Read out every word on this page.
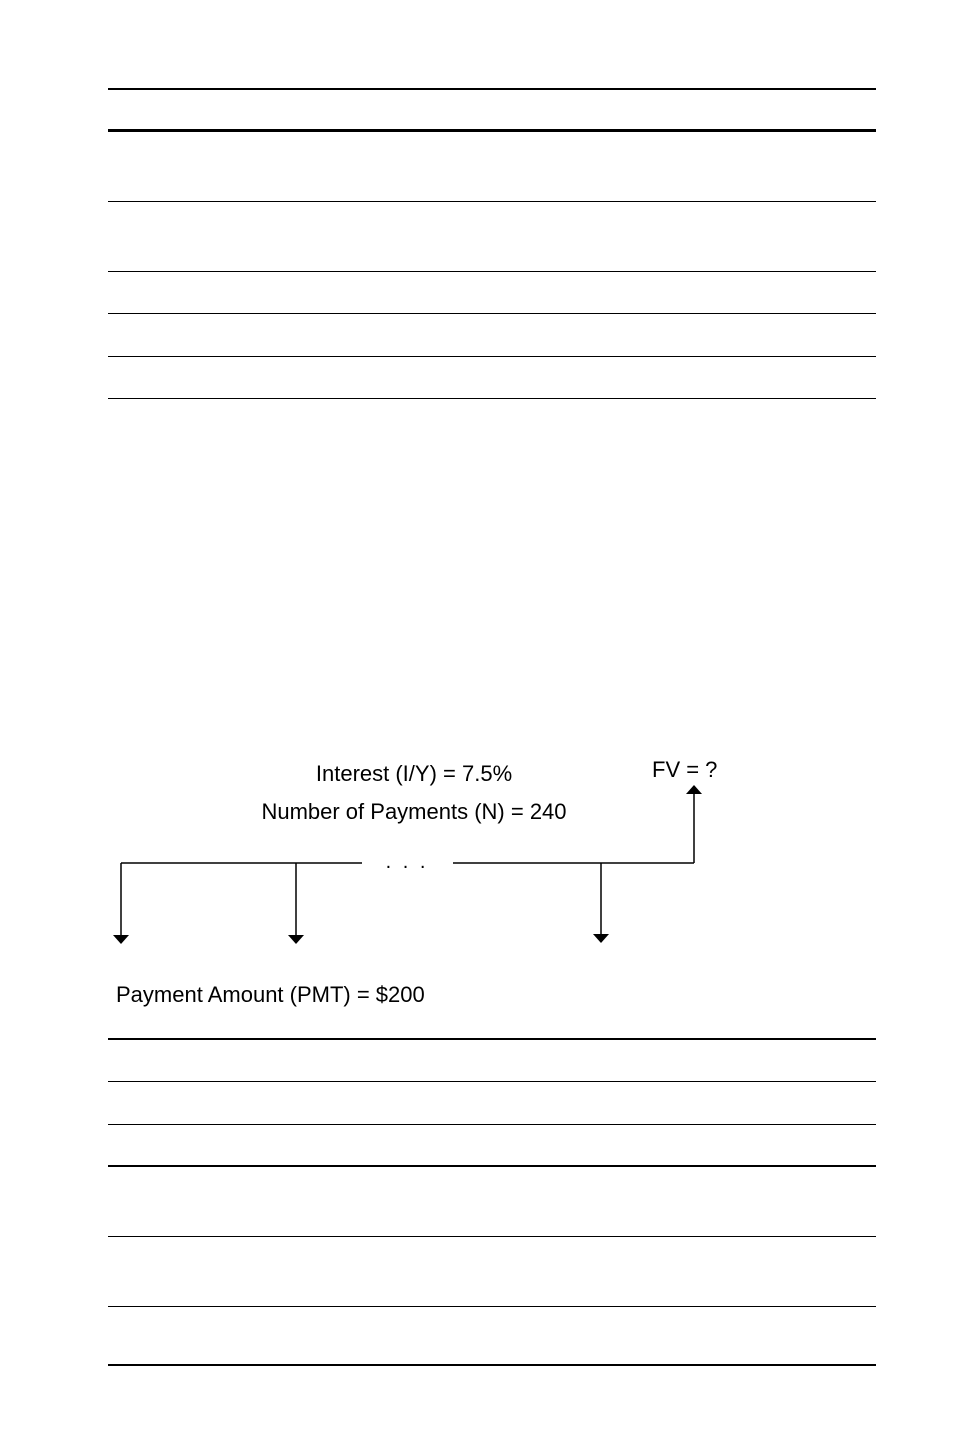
Interest (I/Y) = 7.5%
Number of Payments (N) = 240
FV = ?
. . .
Payment Amount (PMT) = $200
